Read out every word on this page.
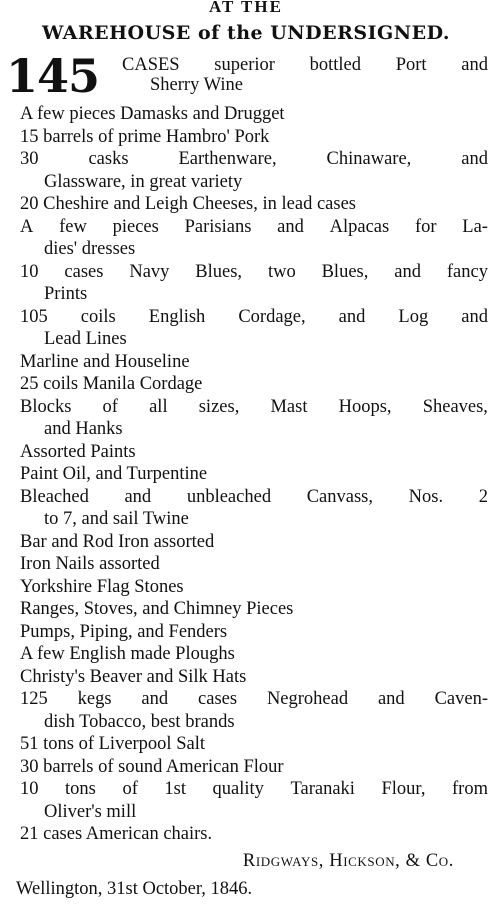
AT THE
WAREHOUSE of the UNDERSIGNED.
145 CASES superior bottled Port and
Sherry Wine
A few pieces Damasks and Drugget
15 barrels of prime Hambro' Pork
30	casks	Earthenware,	Chinaware,	and
Glassware, in great variety
20 Cheshire and Leigh Cheeses, in lead cases
A few pieces Parisians and Alpacas for La-
dies' dresses
10 cases Navy Blues, two Blues, and fancy
Prints
105 coils English Cordage, and Log and
Lead Lines
Marline and Houseline
25 coils Manila Cordage
Blocks of all sizes, Mast Hoops, Sheaves,
and Hanks
Assorted Paints
Paint Oil, and Turpentine
Bleached and unbleached Canvass, Nos. 2
to 7, and sail Twine
Bar and Rod Iron assorted
Iron Nails assorted
Yorkshire Flag Stones
Ranges, Stoves, and Chimney Pieces
Pumps, Piping, and Fenders
A few English made Ploughs
Christy's Beaver and Silk Hats
125 kegs and cases Negrohead and Caven-
dish Tobacco, best brands
51 tons of Liverpool Salt
30 barrels of sound American Flour
10 tons of 1st quality Taranaki Flour, from
Oliver's mill
21 cases American chairs.
Ridgways, Hickson, & Co.
Wellington, 31st October, 1846.
